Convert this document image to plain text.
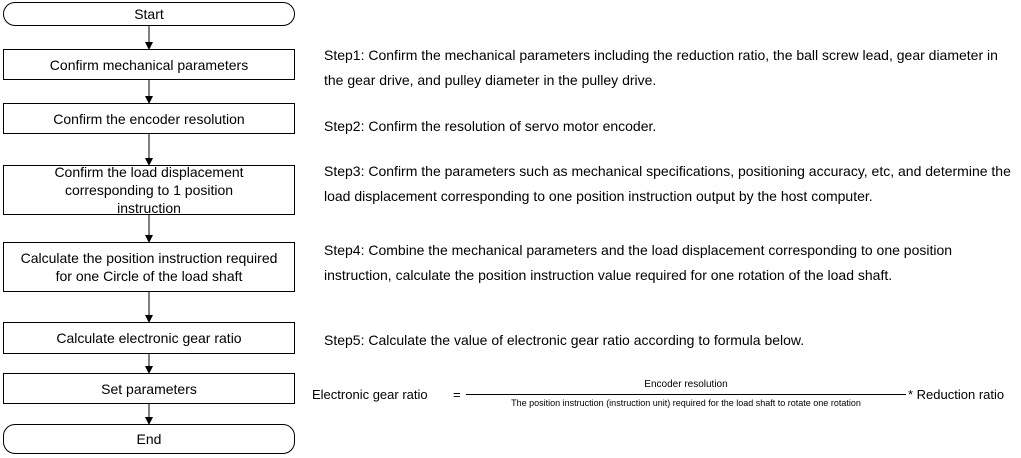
Start
Confirm mechanical parameters
Confirm the encoder resolution
Confirm the load displacement corresponding to 1 position instruction
Calculate the position instruction required for one Circle of the load shaft
Calculate electronic gear ratio
Set parameters
End
Step1: Confirm the mechanical parameters including the reduction ratio, the ball screw lead, gear diameter in the gear drive, and pulley diameter in the pulley drive.
Step2: Confirm the resolution of servo motor encoder.
Step3: Confirm the parameters such as mechanical specifications, positioning accuracy, etc, and determine the load displacement corresponding to one position instruction output by the host computer.
Step4: Combine the mechanical parameters and the load displacement corresponding to one position instruction, calculate the position instruction value required for one rotation of the load shaft.
Step5: Calculate the value of electronic gear ratio according to formula below.
Electronic gear ratio =
Encoder resolution
The position instruction (instruction unit) required for the load shaft to rotate one rotation
* Reduction ratio
